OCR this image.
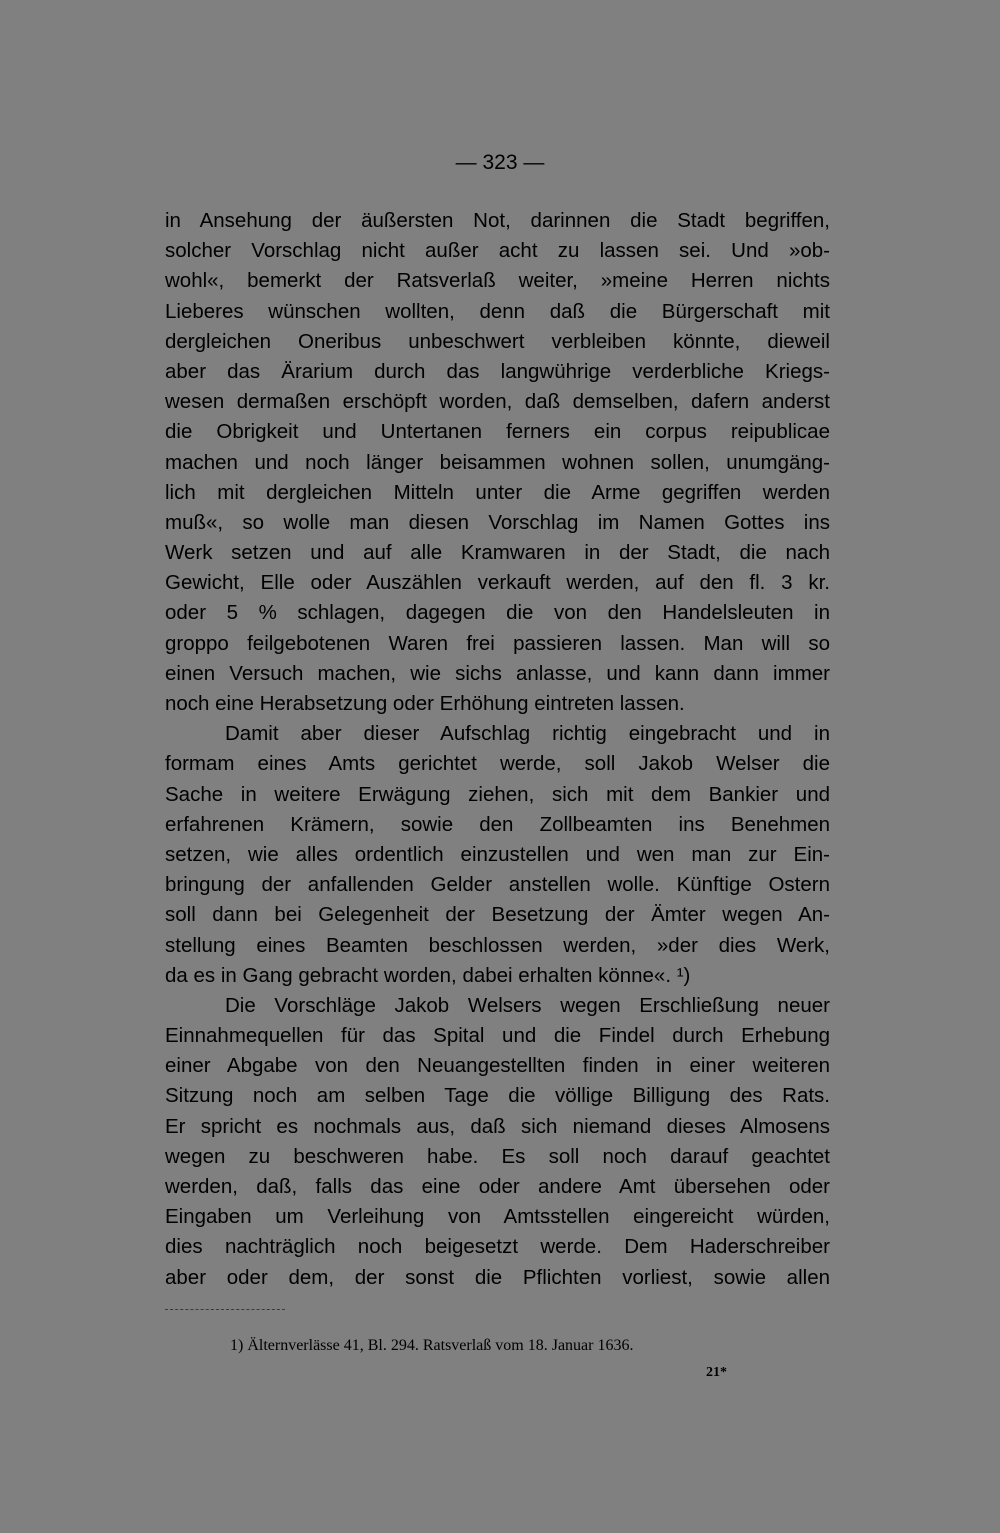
— 323 —
in Ansehung der äußersten Not, darinnen die Stadt begriffen,
solcher Vorschlag nicht außer acht zu lassen sei. Und »ob-
wohl«, bemerkt der Ratsverlaß weiter, »meine Herren nichts
Lieberes wünschen wollten, denn daß die Bürgerschaft mit
dergleichen Oneribus unbeschwert verbleiben könnte, dieweil
aber das Ärarium durch das langwührige verderbliche Kriegs-
wesen dermaßen erschöpft worden, daß demselben, dafern anderst
die Obrigkeit und Untertanen ferners ein corpus reipublicae
machen und noch länger beisammen wohnen sollen, unumgäng-
lich mit dergleichen Mitteln unter die Arme gegriffen werden
muß«, so wolle man diesen Vorschlag im Namen Gottes ins
Werk setzen und auf alle Kramwaren in der Stadt, die nach
Gewicht, Elle oder Auszählen verkauft werden, auf den fl. 3 kr.
oder 5 % schlagen, dagegen die von den Handelsleuten in
groppo feilgebotenen Waren frei passieren lassen. Man will so
einen Versuch machen, wie sichs anlasse, und kann dann immer
noch eine Herabsetzung oder Erhöhung eintreten lassen.
Damit aber dieser Aufschlag richtig eingebracht und in
formam eines Amts gerichtet werde, soll Jakob Welser die
Sache in weitere Erwägung ziehen, sich mit dem Bankier und
erfahrenen Krämern, sowie den Zollbeamten ins Benehmen
setzen, wie alles ordentlich einzustellen und wen man zur Ein-
bringung der anfallenden Gelder anstellen wolle. Künftige Ostern
soll dann bei Gelegenheit der Besetzung der Ämter wegen An-
stellung eines Beamten beschlossen werden, »der dies Werk,
da es in Gang gebracht worden, dabei erhalten könne«. ¹)
Die Vorschläge Jakob Welsers wegen Erschließung neuer
Einnahmequellen für das Spital und die Findel durch Erhebung
einer Abgabe von den Neuangestellten finden in einer weiteren
Sitzung noch am selben Tage die völlige Billigung des Rats.
Er spricht es nochmals aus, daß sich niemand dieses Almosens
wegen zu beschweren habe. Es soll noch darauf geachtet
werden, daß, falls das eine oder andere Amt übersehen oder
Eingaben um Verleihung von Amtsstellen eingereicht würden,
dies nachträglich noch beigesetzt werde. Dem Haderschreiber
aber oder dem, der sonst die Pflichten vorliest, sowie allen
1) Älternverlässe 41, Bl. 294. Ratsverlaß vom 18. Januar 1636.
21*
